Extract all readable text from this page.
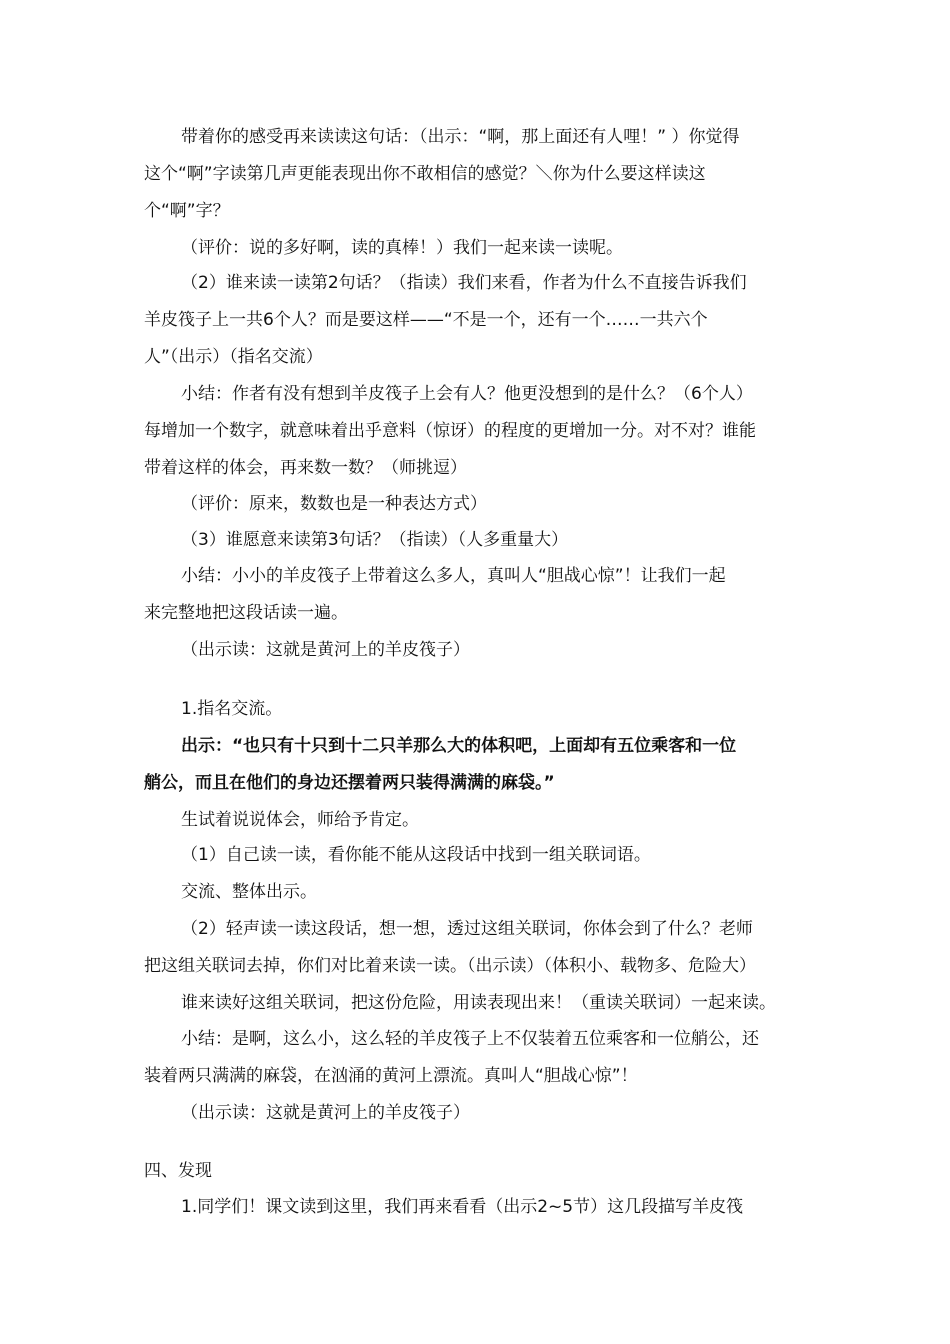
带着你的感受再来读读这句话：（出示：“啊，那上面还有人哩！” ）你觉得
这个“啊”字读第几声更能表现出你不敢相信的感觉？＼你为什么要这样读这
个“啊”字？
（评价：说的多好啊，读的真棒！）我们一起来读一读呢。
（2）谁来读一读第2句话？（指读）我们来看，作者为什么不直接告诉我们
羊皮筏子上一共6个人？而是要这样——“不是一个，还有一个……一共六个
人”（出示）（指名交流）
小结：作者有没有想到羊皮筏子上会有人？他更没想到的是什么？（6个人）
每增加一个数字，就意味着出乎意料（惊讶）的程度的更增加一分。对不对？谁能
带着这样的体会，再来数一数？（师挑逗）
（评价：原来，数数也是一种表达方式）
（3）谁愿意来读第3句话？（指读）（人多重量大）
小结：小小的羊皮筏子上带着这么多人，真叫人“胆战心惊”！让我们一起
来完整地把这段话读一遍。
（出示读：这就是黄河上的羊皮筏子）
1.指名交流。
出示：“也只有十只到十二只羊那么大的体积吧，上面却有五位乘客和一位
艄公，而且在他们的身边还摆着两只装得满满的麻袋。”
生试着说说体会，师给予肯定。
（1）自己读一读，看你能不能从这段话中找到一组关联词语。
交流、整体出示。
（2）轻声读一读这段话，想一想，透过这组关联词，你体会到了什么？老师
把这组关联词去掉，你们对比着来读一读。（出示读）（体积小、载物多、危险大）
谁来读好这组关联词，把这份危险，用读表现出来！（重读关联词）一起来读。
小结：是啊，这么小，这么轻的羊皮筏子上不仅装着五位乘客和一位艄公，还
装着两只满满的麻袋，在汹涌的黄河上漂流。真叫人“胆战心惊”！
（出示读：这就是黄河上的羊皮筏子）
四、发现
1.同学们！课文读到这里，我们再来看看（出示2~5节）这几段描写羊皮筏
